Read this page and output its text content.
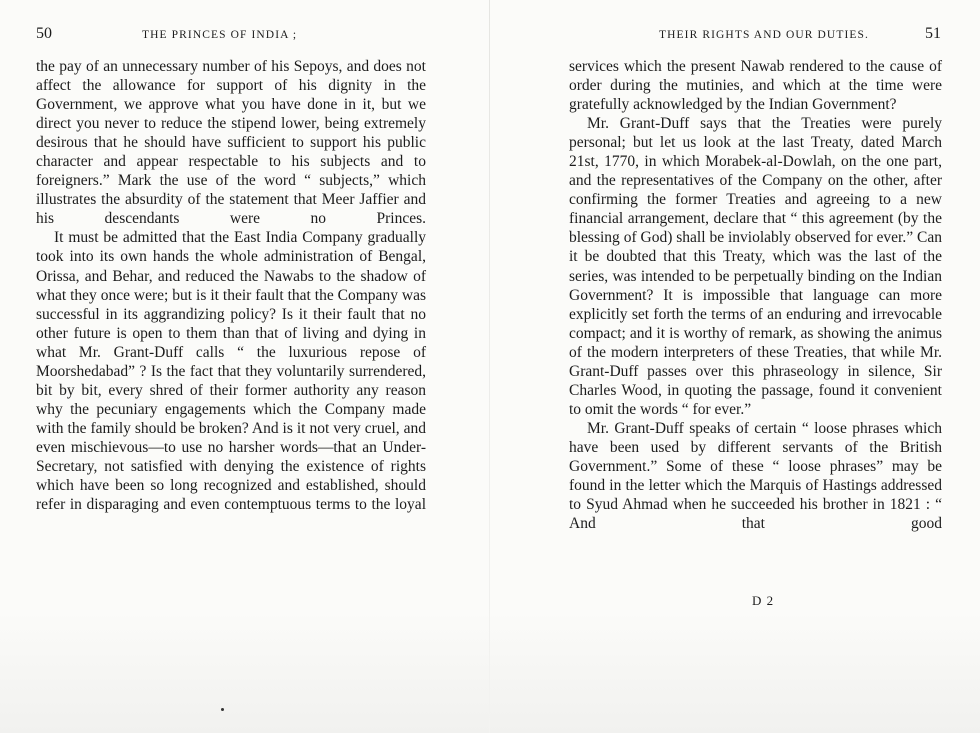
50	THE PRINCES OF INDIA ;

the pay of an unnecessary number of his Sepoys, and does not affect the allowance for support of his dignity in the Government, we approve what you have done in it, but we direct you never to reduce the stipend lower, being extremely desirous that he should have sufficient to support his public character and appear respectable to his subjects and to foreigners.” Mark the use of the word “ subjects,” which illustrates the absurdity of the statement that Meer Jaffier and his descendants were no Princes.

It must be admitted that the East India Company gradually took into its own hands the whole administration of Bengal, Orissa, and Behar, and reduced the Nawabs to the shadow of what they once were; but is it their fault that the Company was successful in its aggrandizing policy? Is it their fault that no other future is open to them than that of living and dying in what Mr. Grant-Duff calls “ the luxurious repose of Moorshedabad” ? Is the fact that they voluntarily surrendered, bit by bit, every shred of their former authority any reason why the pecuniary engagements which the Company made with the family should be broken? And is it not very cruel, and even mischievous—to use no harsher words—that an Under-Secretary, not satisfied with denying the existence of rights which have been so long recognized and established, should refer in disparaging and even contemptuous terms to the loyal

THEIR RIGHTS AND OUR DUTIES.	51

services which the present Nawab rendered to the cause of order during the mutinies, and which at the time were gratefully acknowledged by the Indian Government?

Mr. Grant-Duff says that the Treaties were purely personal; but let us look at the last Treaty, dated March 21st, 1770, in which Morabek-al-Dowlah, on the one part, and the representatives of the Company on the other, after confirming the former Treaties and agreeing to a new financial arrangement, declare that “ this agreement (by the blessing of God) shall be inviolably observed for ever.” Can it be doubted that this Treaty, which was the last of the series, was intended to be perpetually binding on the Indian Government? It is impossible that language can more explicitly set forth the terms of an enduring and irrevocable compact; and it is worthy of remark, as showing the animus of the modern interpreters of these Treaties, that while Mr. Grant-Duff passes over this phraseology in silence, Sir Charles Wood, in quoting the passage, found it convenient to omit the words “ for ever.”

Mr. Grant-Duff speaks of certain “ loose phrases which have been used by different servants of the British Government.” Some of these “ loose phrases” may be found in the letter which the Marquis of Hastings addressed to Syud Ahmad when he succeeded his brother in 1821 : “ And that good

D 2
